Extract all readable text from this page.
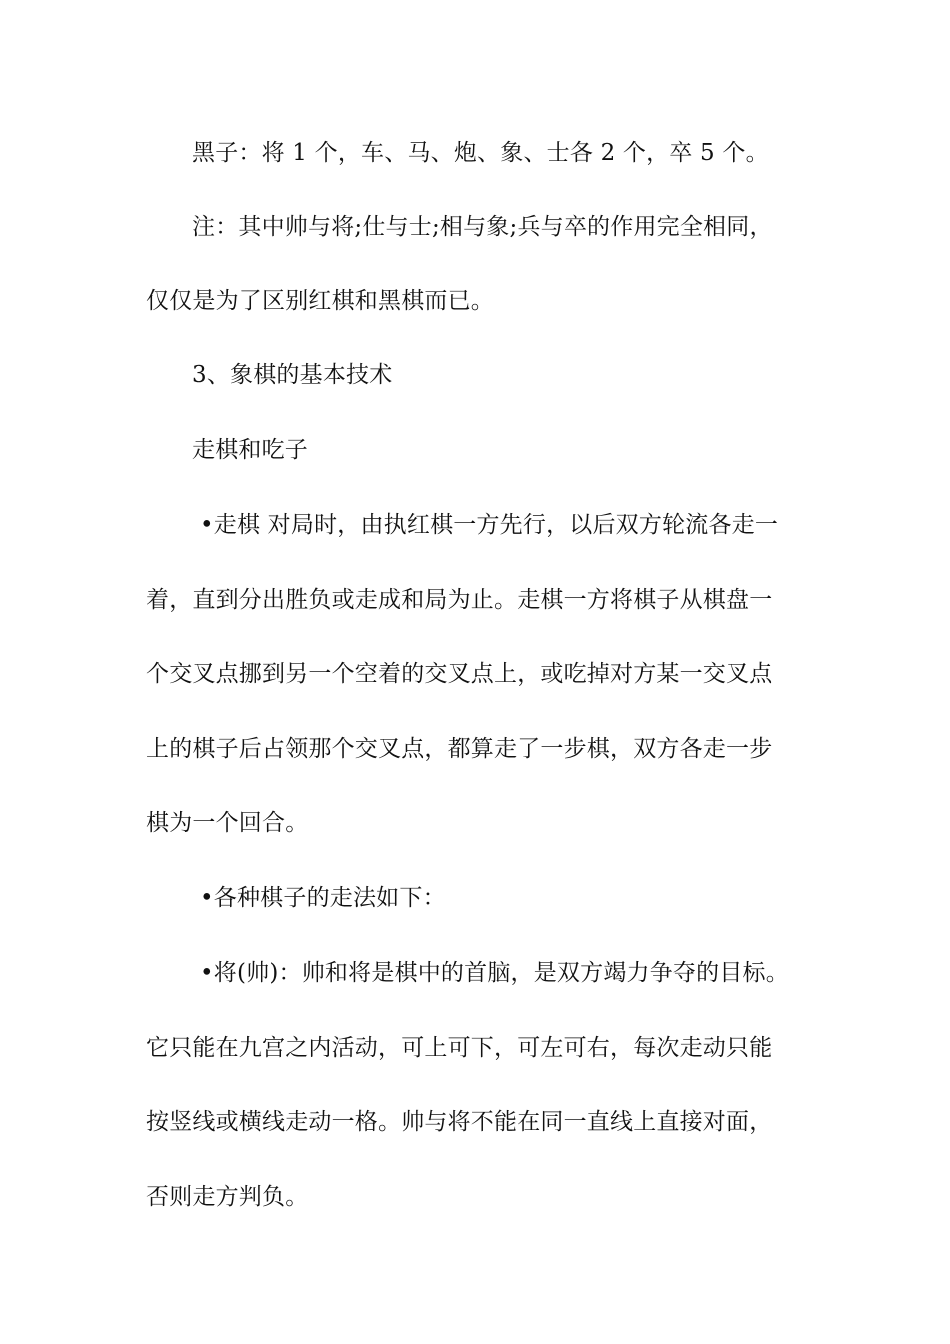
黑子：将 1 个，车、马、炮、象、士各 2 个，卒 5 个。
注：其中帅与将;仕与士;相与象;兵与卒的作用完全相同，
仅仅是为了区别红棋和黑棋而已。
3、象棋的基本技术
走棋和吃子
•走棋 对局时，由执红棋一方先行，以后双方轮流各走一
着，直到分出胜负或走成和局为止。走棋一方将棋子从棋盘一
个交叉点挪到另一个空着的交叉点上，或吃掉对方某一交叉点
上的棋子后占领那个交叉点，都算走了一步棋，双方各走一步
棋为一个回合。
•各种棋子的走法如下：
•将(帅)：帅和将是棋中的首脑，是双方竭力争夺的目标。
它只能在九宫之内活动，可上可下，可左可右，每次走动只能
按竖线或横线走动一格。帅与将不能在同一直线上直接对面，
否则走方判负。
